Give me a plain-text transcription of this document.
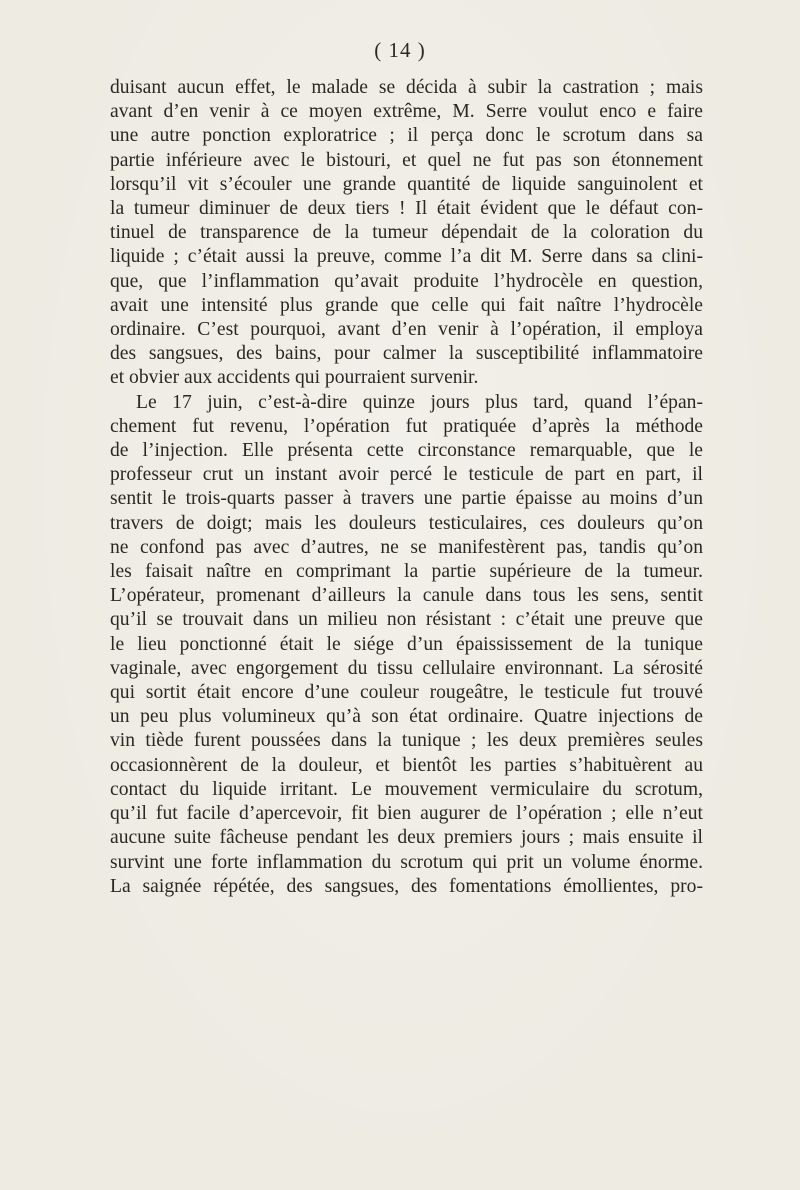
( 14 )
duisant aucun effet, le malade se décida à subir la castration ; mais
avant d’en venir à ce moyen extrême, M. Serre voulut enco e faire
une autre ponction exploratrice ; il perça donc le scrotum dans sa
partie inférieure avec le bistouri, et quel ne fut pas son étonnement
lorsqu’il vit s’écouler une grande quantité de liquide sanguinolent et
la tumeur diminuer de deux tiers ! Il était évident que le défaut con-
tinuel de transparence de la tumeur dépendait de la coloration du
liquide ; c’était aussi la preuve, comme l’a dit M. Serre dans sa clini-
que, que l’inflammation qu’avait produite l’hydrocèle en question,
avait une intensité plus grande que celle qui fait naître l’hydrocèle
ordinaire. C’est pourquoi, avant d’en venir à l’opération, il employa
des sangsues, des bains, pour calmer la susceptibilité inflammatoire
et obvier aux accidents qui pourraient survenir.
Le 17 juin, c’est-à-dire quinze jours plus tard, quand l’épan-
chement fut revenu, l’opération fut pratiquée d’après la méthode
de l’injection. Elle présenta cette circonstance remarquable, que le
professeur crut un instant avoir percé le testicule de part en part, il
sentit le trois-quarts passer à travers une partie épaisse au moins d’un
travers de doigt; mais les douleurs testiculaires, ces douleurs qu’on
ne confond pas avec d’autres, ne se manifestèrent pas, tandis qu’on
les faisait naître en comprimant la partie supérieure de la tumeur.
L’opérateur, promenant d’ailleurs la canule dans tous les sens, sentit
qu’il se trouvait dans un milieu non résistant : c’était une preuve que
le lieu ponctionné était le siége d’un épaississement de la tunique
vaginale, avec engorgement du tissu cellulaire environnant. La sérosité
qui sortit était encore d’une couleur rougeâtre, le testicule fut trouvé
un peu plus volumineux qu’à son état ordinaire. Quatre injections de
vin tiède furent poussées dans la tunique ; les deux premières seules
occasionnèrent de la douleur, et bientôt les parties s’habituèrent au
contact du liquide irritant. Le mouvement vermiculaire du scrotum,
qu’il fut facile d’apercevoir, fit bien augurer de l’opération ; elle n’eut
aucune suite fâcheuse pendant les deux premiers jours ; mais ensuite il
survint une forte inflammation du scrotum qui prit un volume énorme.
La saignée répétée, des sangsues, des fomentations émollientes, pro-
